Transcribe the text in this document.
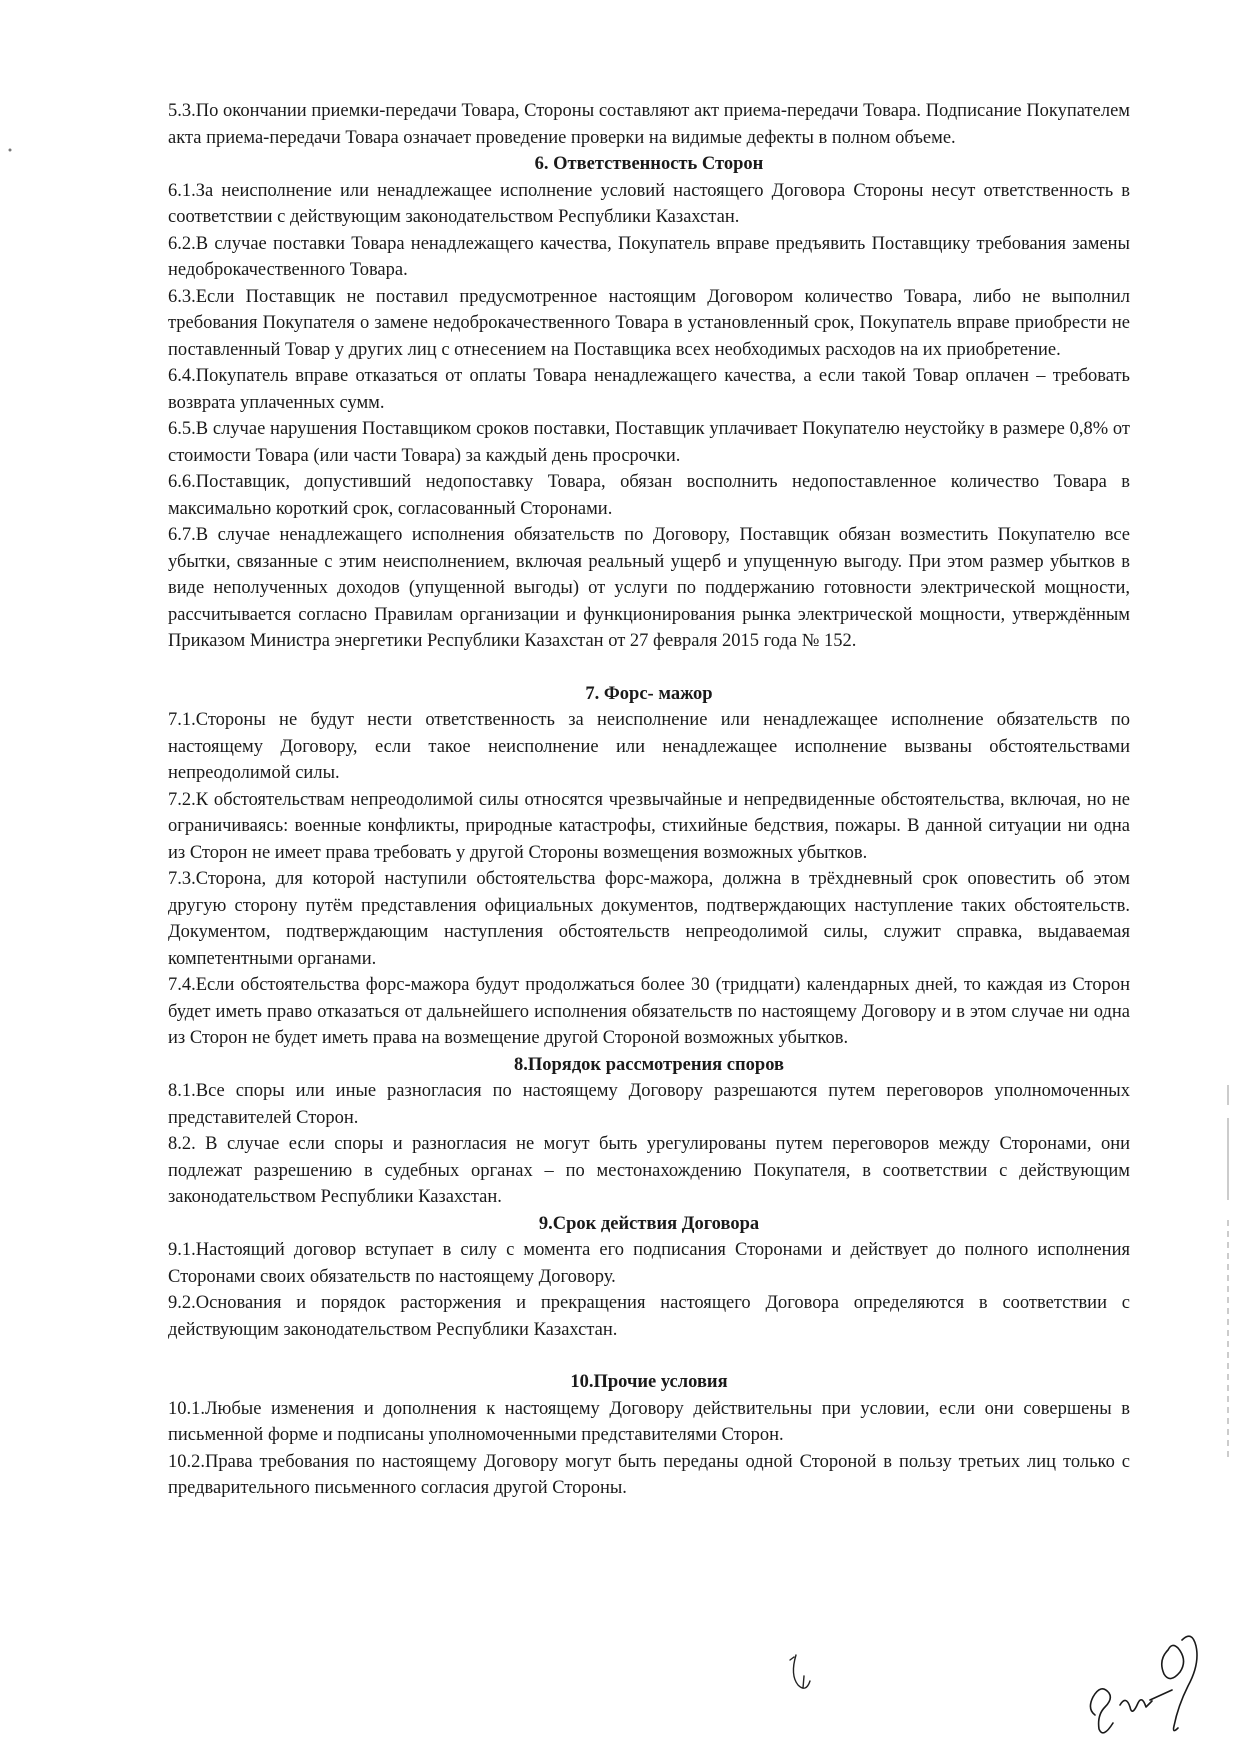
5.3.По окончании приемки-передачи Товара, Стороны составляют акт приема-передачи Товара. Подписание Покупателем акта приема-передачи Товара означает проведение проверки на видимые дефекты в полном объеме.

6. Ответственность Сторон

6.1.За неисполнение или ненадлежащее исполнение условий настоящего Договора Стороны несут ответственность в соответствии с действующим законодательством Республики Казахстан.

6.2.В случае поставки Товара ненадлежащего качества, Покупатель вправе предъявить Поставщику требования замены недоброкачественного Товара.

6.3.Если Поставщик не поставил предусмотренное настоящим Договором количество Товара, либо не выполнил требования Покупателя о замене недоброкачественного Товара в установленный срок, Покупатель вправе приобрести не поставленный Товар у других лиц с отнесением на Поставщика всех необходимых расходов на их приобретение.

6.4.Покупатель вправе отказаться от оплаты Товара ненадлежащего качества, а если такой Товар оплачен – требовать возврата уплаченных сумм.

6.5.В случае нарушения Поставщиком сроков поставки, Поставщик уплачивает Покупателю неустойку в размере 0,8% от стоимости Товара (или части Товара) за каждый день просрочки.

6.6.Поставщик, допустивший недопоставку Товара, обязан восполнить недопоставленное количество Товара в максимально короткий срок, согласованный Сторонами.

6.7.В случае ненадлежащего исполнения обязательств по Договору, Поставщик обязан возместить Покупателю все убытки, связанные с этим неисполнением, включая реальный ущерб и упущенную выгоду. При этом размер убытков в виде неполученных доходов (упущенной выгоды) от услуги по поддержанию готовности электрической мощности, рассчитывается согласно Правилам организации и функционирования рынка электрической мощности, утверждённым Приказом Министра энергетики Республики Казахстан от 27 февраля 2015 года № 152.

7. Форс- мажор

7.1.Стороны не будут нести ответственность за неисполнение или ненадлежащее исполнение обязательств по настоящему Договору, если такое неисполнение или ненадлежащее исполнение вызваны обстоятельствами непреодолимой силы.

7.2.К обстоятельствам непреодолимой силы относятся чрезвычайные и непредвиденные обстоятельства, включая, но не ограничиваясь: военные конфликты, природные катастрофы, стихийные бедствия, пожары. В данной ситуации ни одна из Сторон не имеет права требовать у другой Стороны возмещения возможных убытков.

7.3.Сторона, для которой наступили обстоятельства форс-мажора, должна в трёхдневный срок оповестить об этом другую сторону путём представления официальных документов, подтверждающих наступление таких обстоятельств. Документом, подтверждающим наступления обстоятельств непреодолимой силы, служит справка, выдаваемая компетентными органами.

7.4.Если обстоятельства форс-мажора будут продолжаться более 30 (тридцати) календарных дней, то каждая из Сторон будет иметь право отказаться от дальнейшего исполнения обязательств по настоящему Договору и в этом случае ни одна из Сторон не будет иметь права на возмещение другой Стороной возможных убытков.

8.Порядок рассмотрения споров

8.1.Все споры или иные разногласия по настоящему Договору разрешаются путем переговоров уполномоченных представителей Сторон.

8.2. В случае если споры и разногласия не могут быть урегулированы путем переговоров между Сторонами, они подлежат разрешению в судебных органах – по местонахождению Покупателя, в соответствии с действующим законодательством Республики Казахстан.

9.Срок действия Договора

9.1.Настоящий договор вступает в силу с момента его подписания Сторонами и действует до полного исполнения Сторонами своих обязательств по настоящему Договору.

9.2.Основания и порядок расторжения и прекращения настоящего Договора определяются в соответствии с действующим законодательством Республики Казахстан.

10.Прочие условия

10.1.Любые изменения и дополнения к настоящему Договору действительны при условии, если они совершены в письменной форме и подписаны уполномоченными представителями Сторон.

10.2.Права требования по настоящему Договору могут быть переданы одной Стороной в пользу третьих лиц только с предварительного письменного согласия другой Стороны.
